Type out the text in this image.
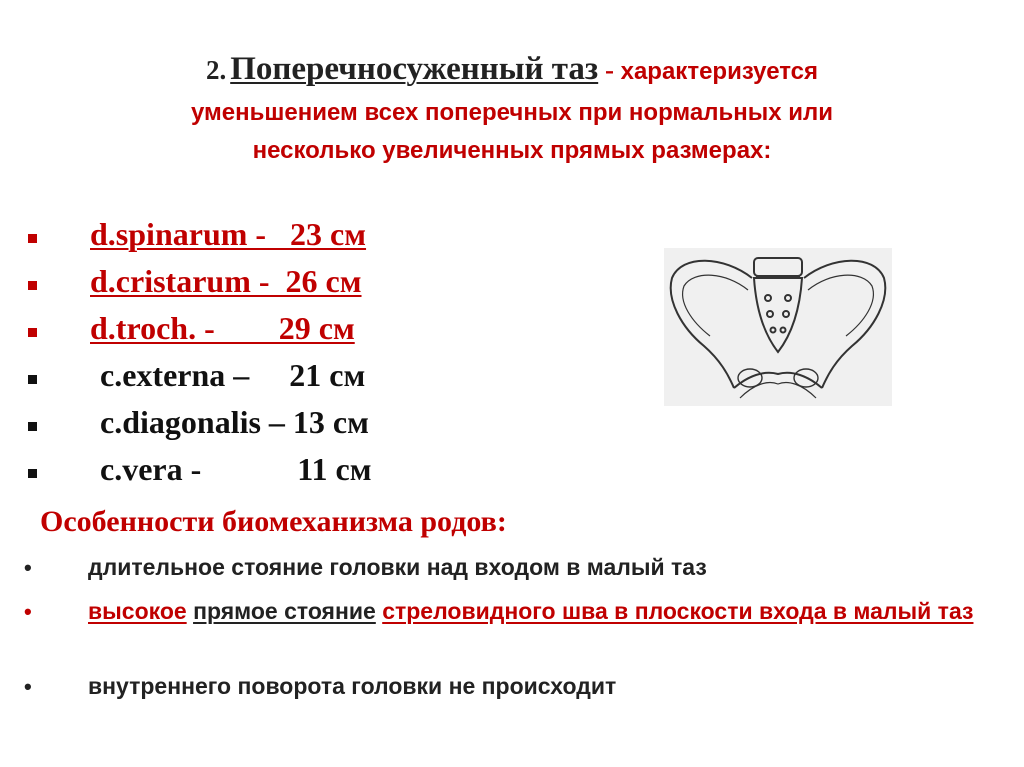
2. Поперечносуженный таз - характеризуется
уменьшением всех поперечных при нормальных или
несколько увеличенных прямых размерах:
d.spinarum -   23 см
d.cristarum -  26 см
d.troch. -        29 см
c.externa –     21 см
c.diagonalis – 13 см
c.vera -            11 см
Особенности биомеханизма родов:
• длительное стояние головки над входом в малый таз
• высокое прямое стояние стреловидного шва в плоскости входа в малый таз
• внутреннего поворота головки не происходит
